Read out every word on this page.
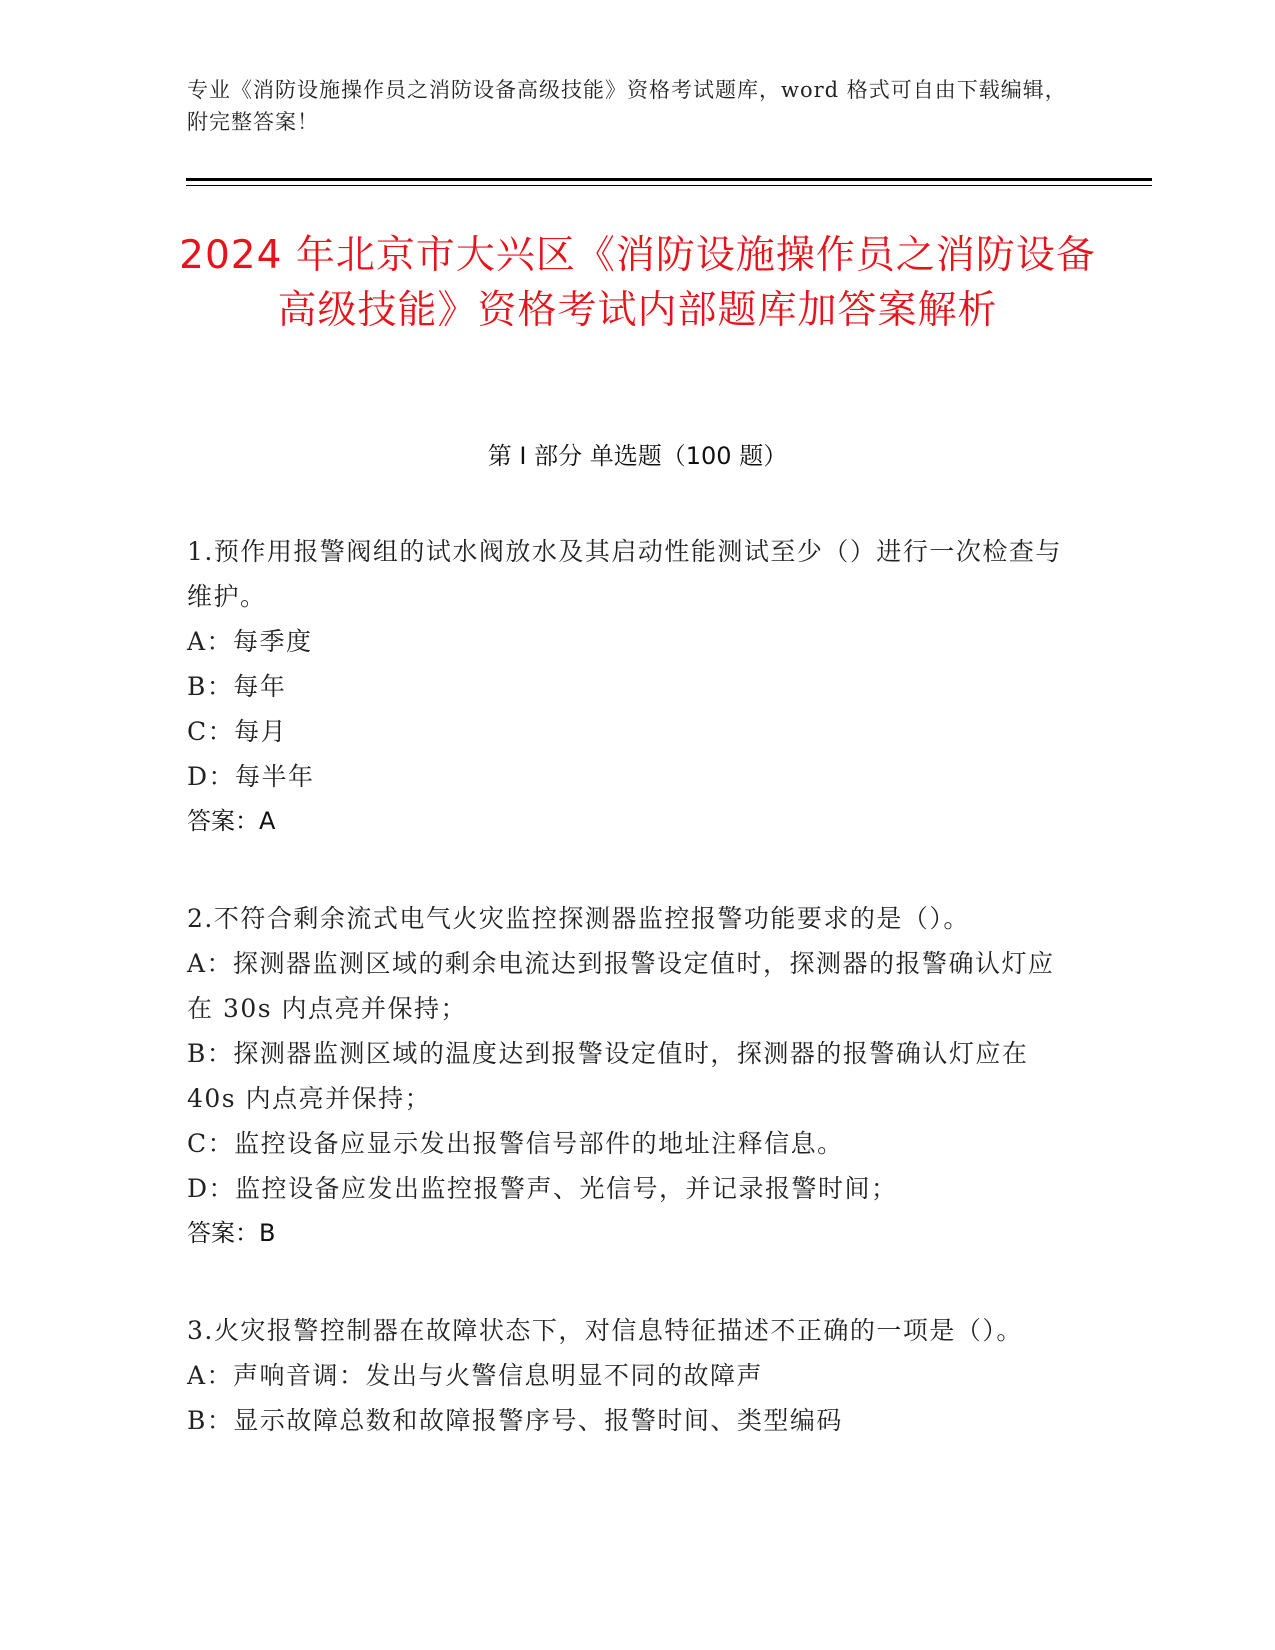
专业《消防设施操作员之消防设备高级技能》资格考试题库，word 格式可自由下载编辑，附完整答案！
2024 年北京市大兴区《消防设施操作员之消防设备高级技能》资格考试内部题库加答案解析
第 I 部分 单选题（100 题）
1.预作用报警阀组的试水阀放水及其启动性能测试至少（）进行一次检查与维护。
A：每季度
B：每年
C：每月
D：每半年
答案：A
2.不符合剩余流式电气火灾监控探测器监控报警功能要求的是（）。
A：探测器监测区域的剩余电流达到报警设定值时，探测器的报警确认灯应在 30s 内点亮并保持；
B：探测器监测区域的温度达到报警设定值时，探测器的报警确认灯应在 40s 内点亮并保持；
C：监控设备应显示发出报警信号部件的地址注释信息。
D：监控设备应发出监控报警声、光信号，并记录报警时间；
答案：B
3.火灾报警控制器在故障状态下，对信息特征描述不正确的一项是（）。
A：声响音调：发出与火警信息明显不同的故障声
B：显示故障总数和故障报警序号、报警时间、类型编码
